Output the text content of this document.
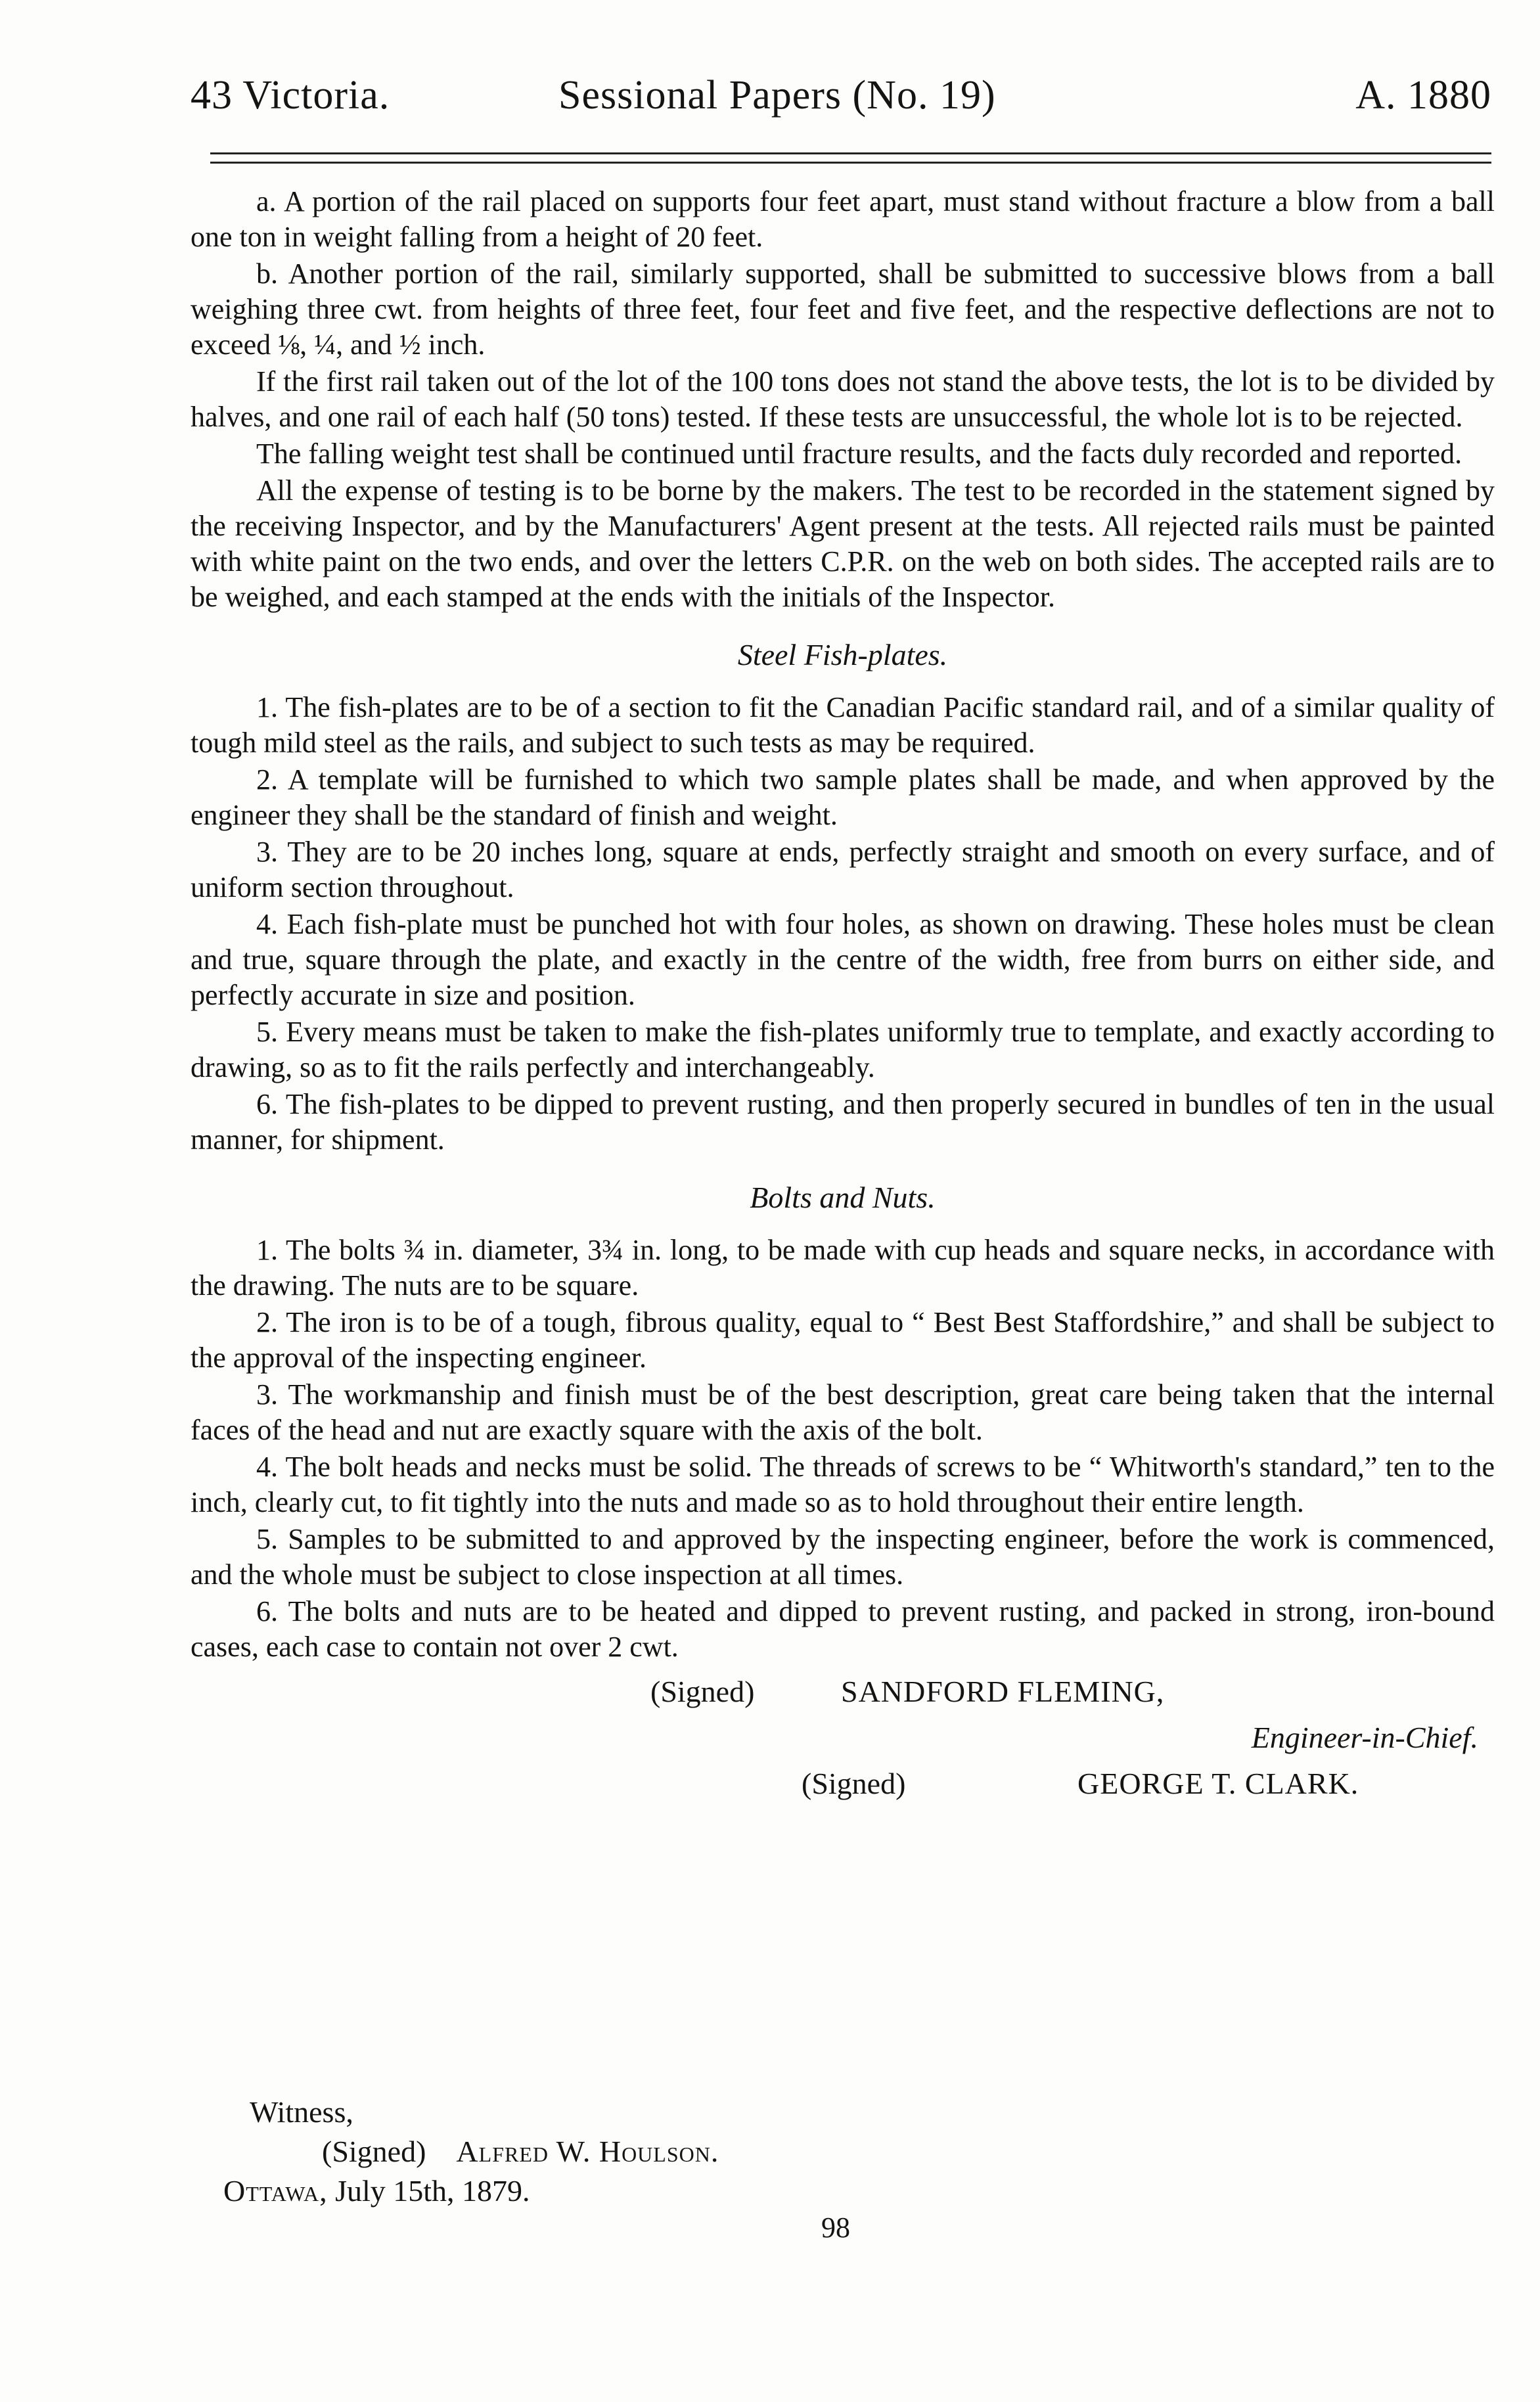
43 Victoria.	Sessional Papers (No. 19)	A. 1880

a. A portion of the rail placed on supports four feet apart, must stand without fracture a blow from a ball one ton in weight falling from a height of 20 feet.

b. Another portion of the rail, similarly supported, shall be submitted to successive blows from a ball weighing three cwt. from heights of three feet, four feet and five feet, and the respective deflections are not to exceed ⅛, ¼, and ½ inch.

If the first rail taken out of the lot of the 100 tons does not stand the above tests, the lot is to be divided by halves, and one rail of each half (50 tons) tested. If these tests are unsuccessful, the whole lot is to be rejected.

The falling weight test shall be continued until fracture results, and the facts duly recorded and reported.

All the expense of testing is to be borne by the makers. The test to be recorded in the statement signed by the receiving Inspector, and by the Manufacturers' Agent present at the tests. All rejected rails must be painted with white paint on the two ends, and over the letters C.P.R. on the web on both sides. The accepted rails are to be weighed, and each stamped at the ends with the initials of the Inspector.

Steel Fish-plates.

1. The fish-plates are to be of a section to fit the Canadian Pacific standard rail, and of a similar quality of tough mild steel as the rails, and subject to such tests as may be required.

2. A template will be furnished to which two sample plates shall be made, and when approved by the engineer they shall be the standard of finish and weight.

3. They are to be 20 inches long, square at ends, perfectly straight and smooth on every surface, and of uniform section throughout.

4. Each fish-plate must be punched hot with four holes, as shown on drawing. These holes must be clean and true, square through the plate, and exactly in the centre of the width, free from burrs on either side, and perfectly accurate in size and position.

5. Every means must be taken to make the fish-plates uniformly true to template, and exactly according to drawing, so as to fit the rails perfectly and interchangeably.

6. The fish-plates to be dipped to prevent rusting, and then properly secured in bundles of ten in the usual manner, for shipment.

Bolts and Nuts.

1. The bolts ¾ in. diameter, 3¾ in. long, to be made with cup heads and square necks, in accordance with the drawing. The nuts are to be square.

2. The iron is to be of a tough, fibrous quality, equal to “ Best Best Staffordshire,” and shall be subject to the approval of the inspecting engineer.

3. The workmanship and finish must be of the best description, great care being taken that the internal faces of the head and nut are exactly square with the axis of the bolt.

4. The bolt heads and necks must be solid. The threads of screws to be “ Whitworth's standard,” ten to the inch, clearly cut, to fit tightly into the nuts and made so as to hold throughout their entire length.

5. Samples to be submitted to and approved by the inspecting engineer, before the work is commenced, and the whole must be subject to close inspection at all times.

6. The bolts and nuts are to be heated and dipped to prevent rusting, and packed in strong, iron-bound cases, each case to contain not over 2 cwt.

(Signed)	SANDFORD FLEMING,
Engineer-in-Chief.
(Signed)	GEORGE T. CLARK.
Witness,
(Signed) Alfred W. Houlson.
Ottawa, July 15th, 1879.
98
